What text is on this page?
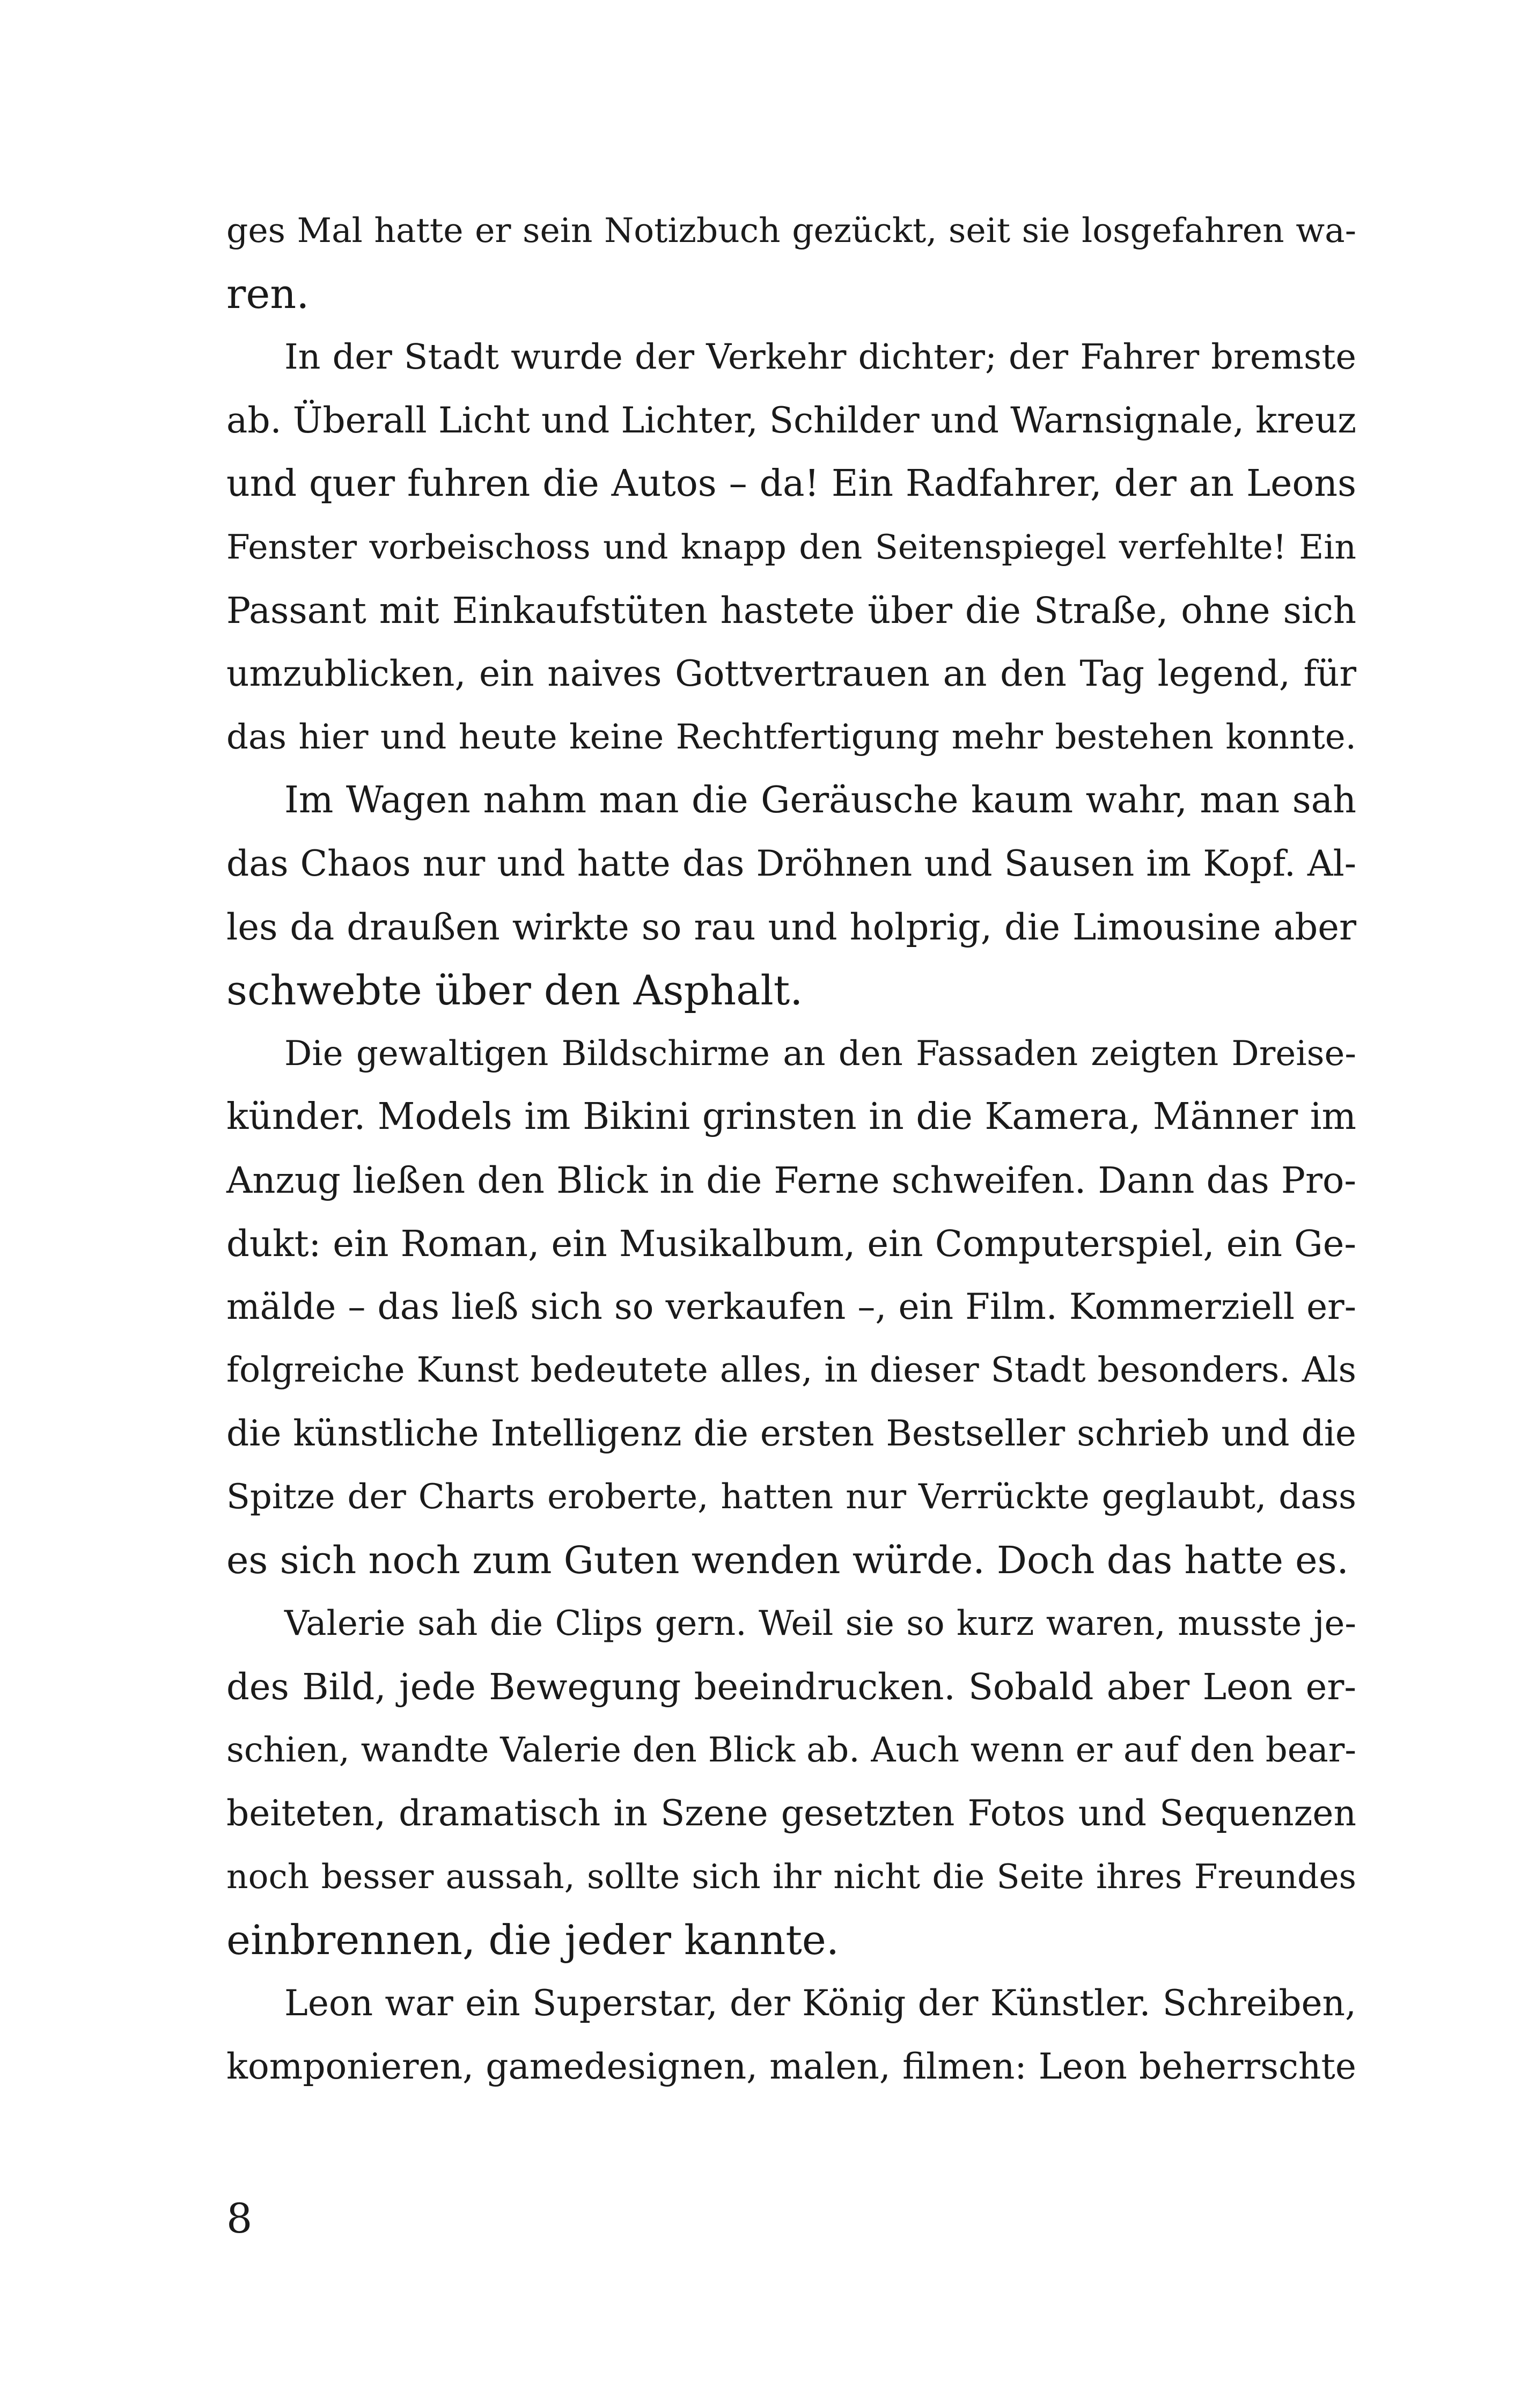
ges Mal hatte er sein Notizbuch gezückt, seit sie losgefahren wa-
ren.
In der Stadt wurde der Verkehr dichter; der Fahrer bremste
ab. Überall Licht und Lichter, Schilder und Warnsignale, kreuz
und quer fuhren die Autos – da! Ein Radfahrer, der an Leons
Fenster vorbeischoss und knapp den Seitenspiegel verfehlte! Ein
Passant mit Einkaufstüten hastete über die Straße, ohne sich
umzublicken, ein naives Gottvertrauen an den Tag legend, für
das hier und heute keine Rechtfertigung mehr bestehen konnte.
Im Wagen nahm man die Geräusche kaum wahr, man sah
das Chaos nur und hatte das Dröhnen und Sausen im Kopf. Al-
les da draußen wirkte so rau und holprig, die Limousine aber
schwebte über den Asphalt.
Die gewaltigen Bildschirme an den Fassaden zeigten Dreise-
künder. Models im Bikini grinsten in die Kamera, Männer im
Anzug ließen den Blick in die Ferne schweifen. Dann das Pro-
dukt: ein Roman, ein Musikalbum, ein Computerspiel, ein Ge-
mälde – das ließ sich so verkaufen –, ein Film. Kommerziell er-
folgreiche Kunst bedeutete alles, in dieser Stadt besonders. Als
die künstliche Intelligenz die ersten Bestseller schrieb und die
Spitze der Charts eroberte, hatten nur Verrückte geglaubt, dass
es sich noch zum Guten wenden würde. Doch das hatte es.
Valerie sah die Clips gern. Weil sie so kurz waren, musste je-
des Bild, jede Bewegung beeindrucken. Sobald aber Leon er-
schien, wandte Valerie den Blick ab. Auch wenn er auf den bear-
beiteten, dramatisch in Szene gesetzten Fotos und Sequenzen
noch besser aussah, sollte sich ihr nicht die Seite ihres Freundes
einbrennen, die jeder kannte.
Leon war ein Superstar, der König der Künstler. Schreiben,
komponieren, gamedesignen, malen, filmen: Leon beherrschte
8
